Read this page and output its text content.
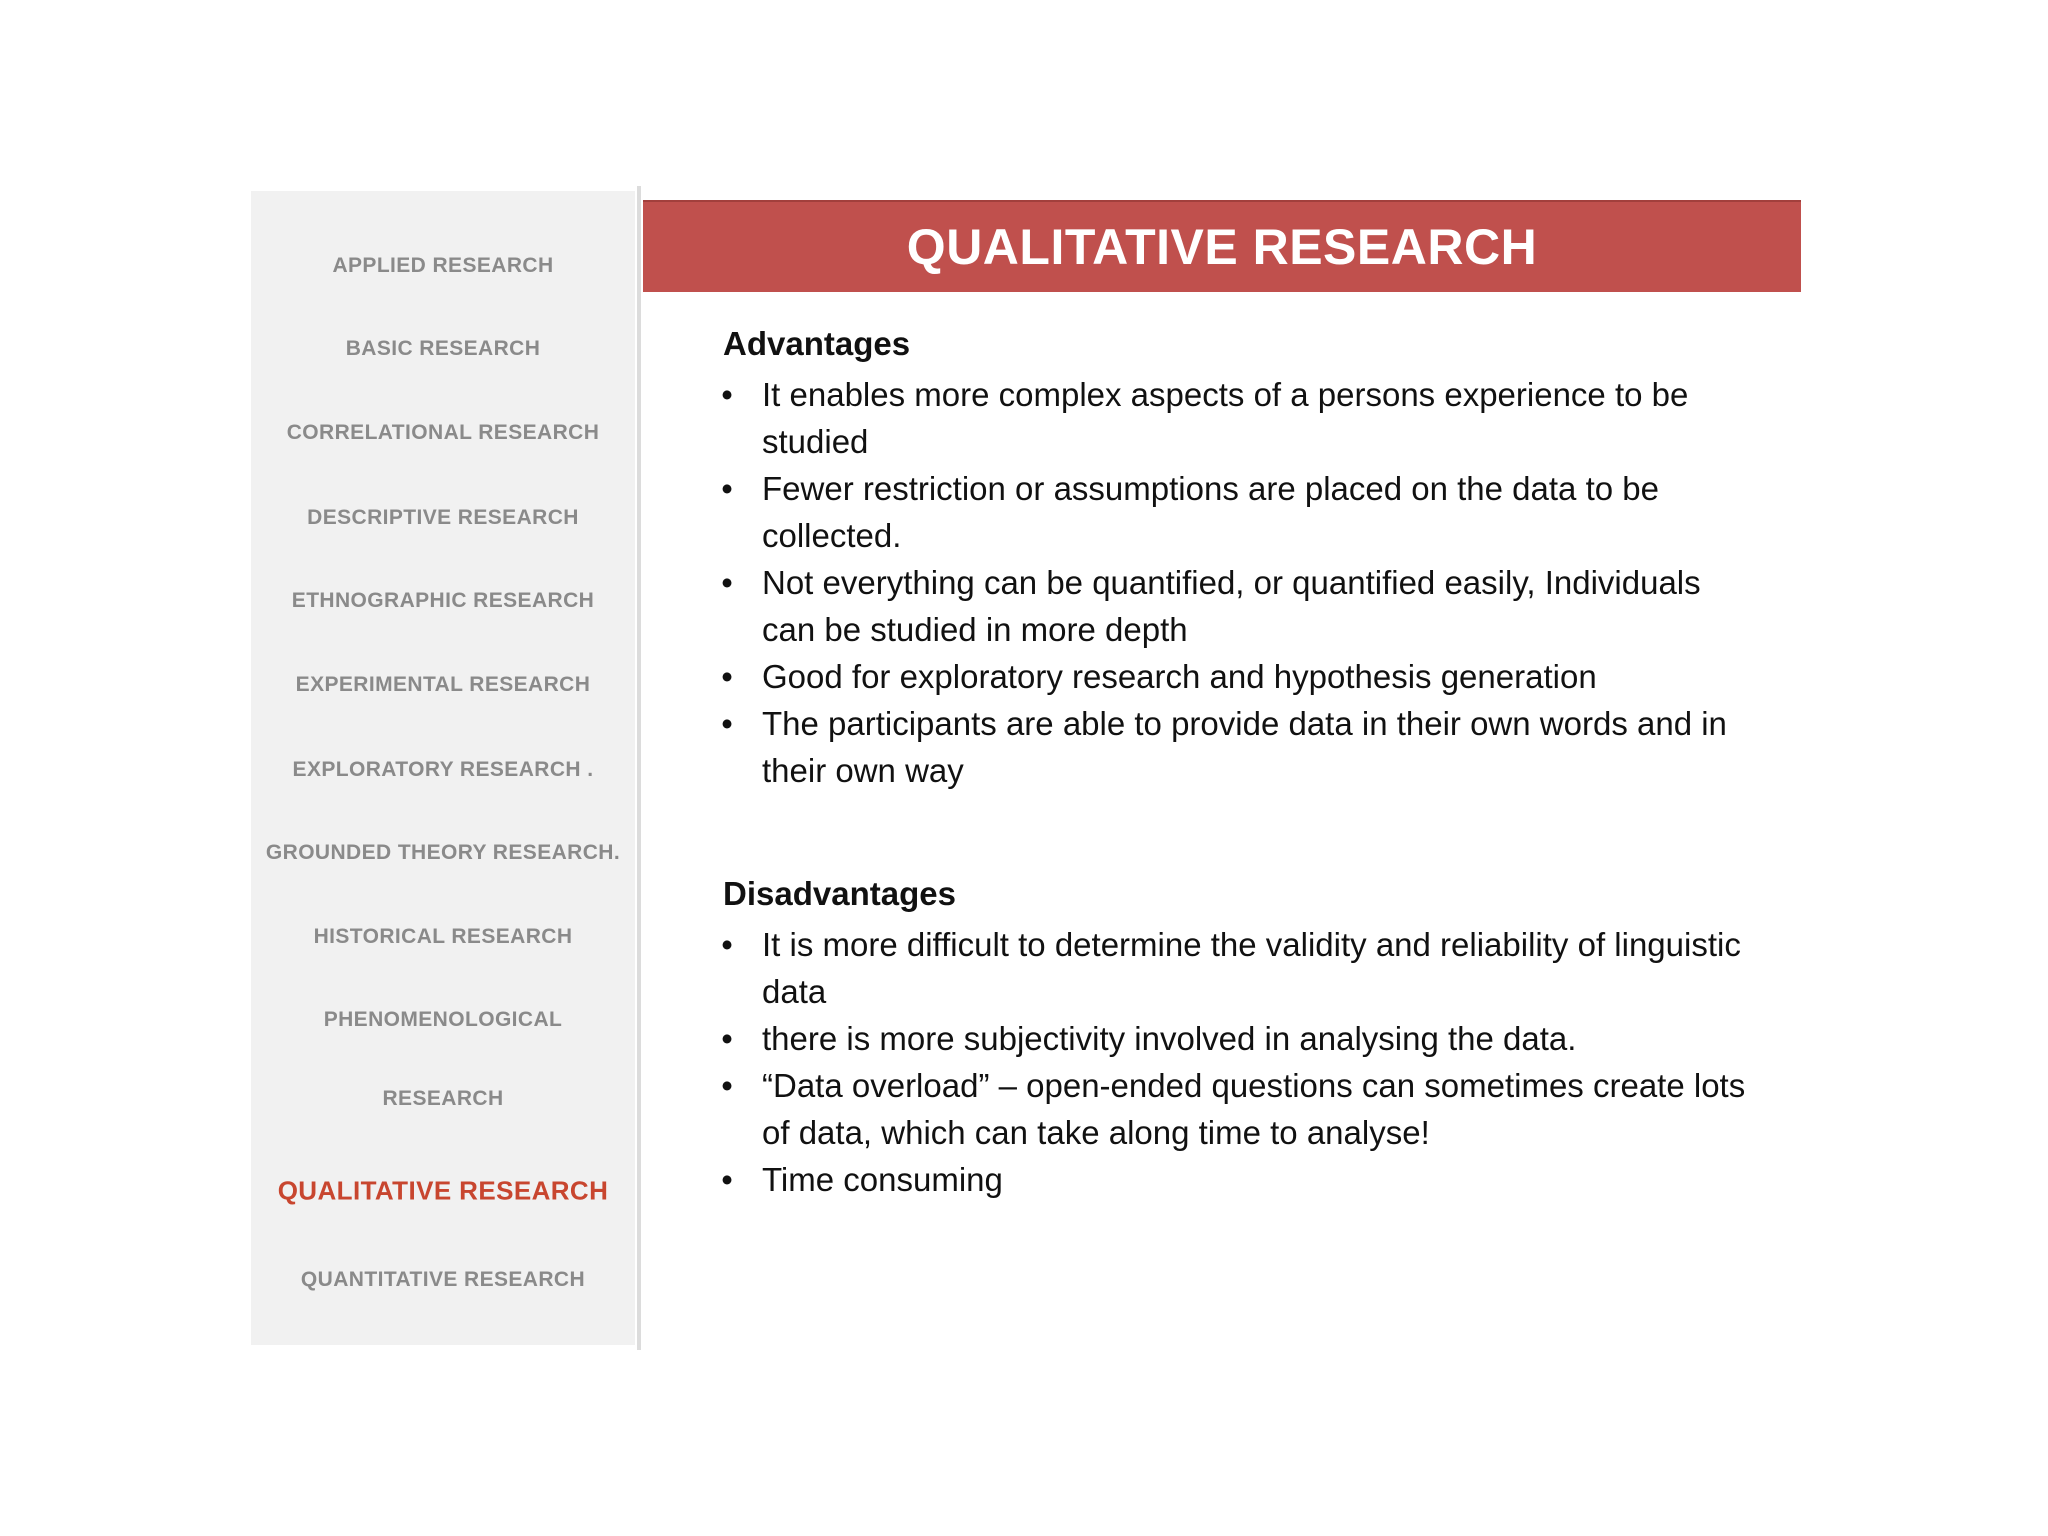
APPLIED RESEARCH
BASIC RESEARCH
CORRELATIONAL RESEARCH
DESCRIPTIVE RESEARCH
ETHNOGRAPHIC RESEARCH
EXPERIMENTAL RESEARCH
EXPLORATORY RESEARCH .
GROUNDED THEORY RESEARCH.
HISTORICAL RESEARCH
PHENOMENOLOGICAL
RESEARCH
QUALITATIVE RESEARCH
QUANTITATIVE RESEARCH
QUALITATIVE RESEARCH
Advantages
• It enables more complex aspects of a persons experience to be studied
• Fewer restriction or assumptions are placed on the data to be collected.
• Not everything can be quantified, or quantified easily, Individuals can be studied in more depth
• Good for exploratory research and hypothesis generation
• The participants are able to provide data in their own words and in their own way
Disadvantages
• It is more difficult to determine the validity and reliability of linguistic data
• there is more subjectivity involved in analysing the data.
• “Data overload” – open-ended questions can sometimes create lots of data, which can take along time to analyse!
• Time consuming
